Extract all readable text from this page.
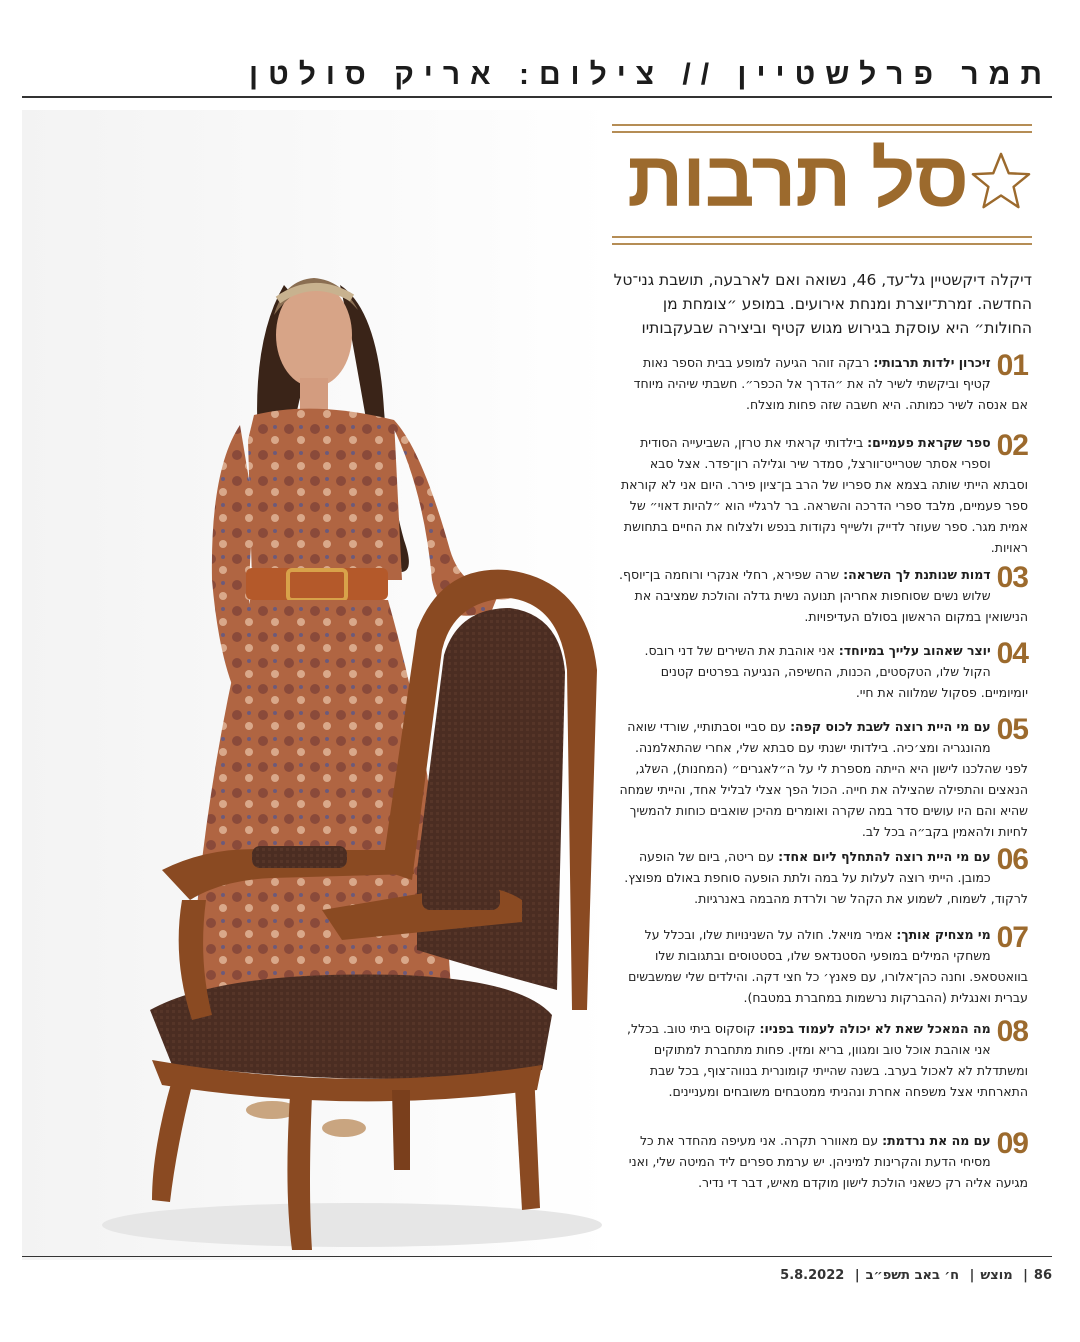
תמר פרלשטיין // צילום: אריק סולטן
סל תרבות
דיקלה דיקשטיין גל־עד, 46, נשואה ואם לארבעה, תושבת גני־טל החדשה. זמרת־יוצרת ומנחת אירועים. במופע ״צומחת מן החולות״ היא עוסקת בגירוש מגוש קטיף וביצירה שבעקבותיו
01
זיכרון ילדות תרבותי: רבקה זוהר הגיעה למופע בבית הספר נאות קטיף וביקשתי לשיר לה את ״הדרך אל הכפר״. חשבתי שיהיה מיוחד אם אנסה לשיר כמותה. היא חשבה שזה פחות מוצלח.
02
ספר שקראת פעמיים: בילדותי קראתי את טרזן, השביעייה הסודית וספרי אסתר שטרייט־וורצל, סמדר שיר וגלילה רון־פדר. אצל סבא וסבתא הייתי שותה בצמא את ספריו של הרב בן־ציון פירר. היום אני לא קוראת ספר פעמיים, מלבד ספרי הדרכה והשראה. בר לרגליי הוא ״להיות דאוי״ של אמית מגר. ספר שעוזר לדייק ולשייף נקודות בנפש ולצלוח את החיים בתחושת ראויות.
03
דמות שנותנת לך השראה: שרה שפירא, רחלי אנקרי ורוחמה בן־יוסף. שלוש נשים שסוחפות אחריהן תנועה נשית גדלה והולכת שמציבה את הנישואין במקום הראשון בסולם העדיפויות.
04
יוצר שאהוב עלייך במיוחד: אני אוהבת את השירים של דני רובס. הקול שלו, הטקסטים, הכנות, החשיפה, הנגיעה בפרטים קטנים יומיומיים. פסקול שמלווה את חיי.
05
עם מי היית רוצה לשבת לכוס קפה: עם סביי וסבתותיי, שורדי שואה מהונגריה ומצ׳כיה. בילדותי ישנתי עם סבתא שלי, אחרי שהתאלמנה. לפני שהלכנו לישון היא הייתה מספרת לי על ה״לאגרים״ (המחנות), השלג, הנאצים והתפילה שהצילה את חייה. הכול הפך אצלי לבליל אחד, והייתי שמחה שהיא והם היו עושים סדר במה שקרה ואומרים מהיכן שואבים כוחות להמשיך לחיות ולהאמין בקב״ה בכל לב.
06
עם מי היית רוצה להתחלף ליום אחד: עם ריטה, ביום של הופעה כמובן. הייתי רוצה לעלות על במה ולתת הופעה סוחפת באולם מפוצץ. לרקוד, לשמוח, לשמוע את הקהל שר ולרדת מהבמה באנרגיות.
07
מי מצחיק אותך: אמיר מויאל. חולה על השנינויות שלו, ובכלל על משחקי המילים במופעי הסטנדאפ שלו, בסטטוסים ובתגובות שלו בוואטסאפ. וחנה כהן־אלורו, עם פאנץ׳ כל חצי דקה. והילדים שלי שמשבשים עברית ואנגלית (ההברקות נרשמות במחברת במטבח).
08
מה המאכל שאת לא יכולה לעמוד בפניו: קוסקוס ביתי טוב. בכלל, אני אוהבת אוכל טוב ומגוון, בריא ומזין. פחות מתחברת למתוקים ומשתדלת לא לאכול בערב. בשנה שהייתי קומונרית בנווה־צוף, בכל שבת התארחתי אצל משפחה אחרת ונהניתי ממטבחים משובחים ומעניינים.
09
עם מה את נרדמת: עם מאוורר תקרה. אני מעיפה מהחדר את כל מסיחי הדעת והקרינות למיניהן. יש ערמת ספרים ליד המיטה שלי, ואני מגיעה אליה רק כשאני הולכת לישון מוקדם מאיש, דבר די נדיר.
86| מוצש| ח׳ באב תשפ״ב| 5.8.2022
